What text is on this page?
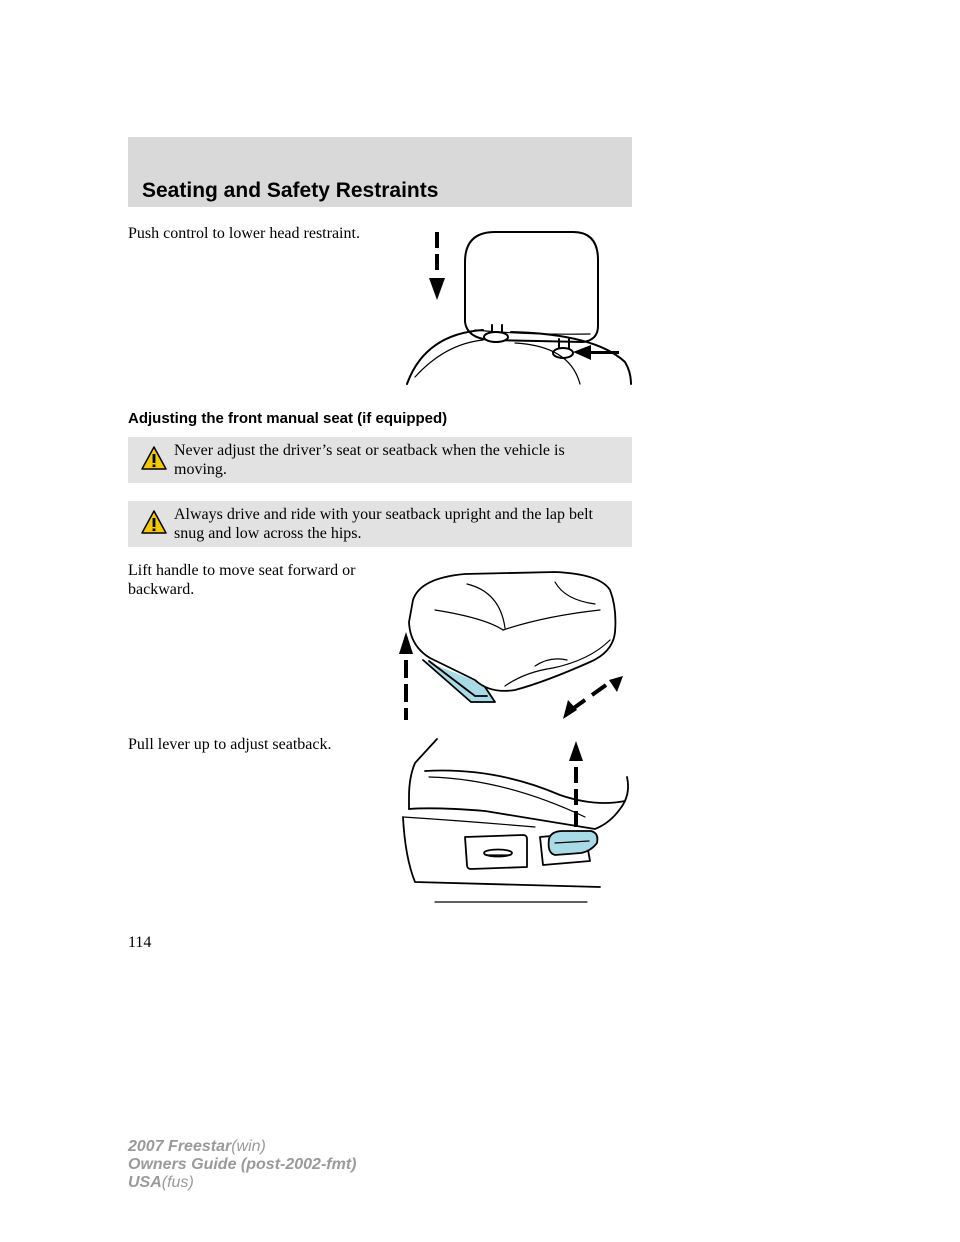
Seating and Safety Restraints
Push control to lower head restraint.
Adjusting the front manual seat (if equipped)
Never adjust the driver’s seat or seatback when the vehicle is moving.
Always drive and ride with your seatback upright and the lap belt snug and low across the hips.
Lift handle to move seat forward or backward.
Pull lever up to adjust seatback.
114
2007 Freestar(win)
Owners Guide (post-2002-fmt)
USA(fus)
